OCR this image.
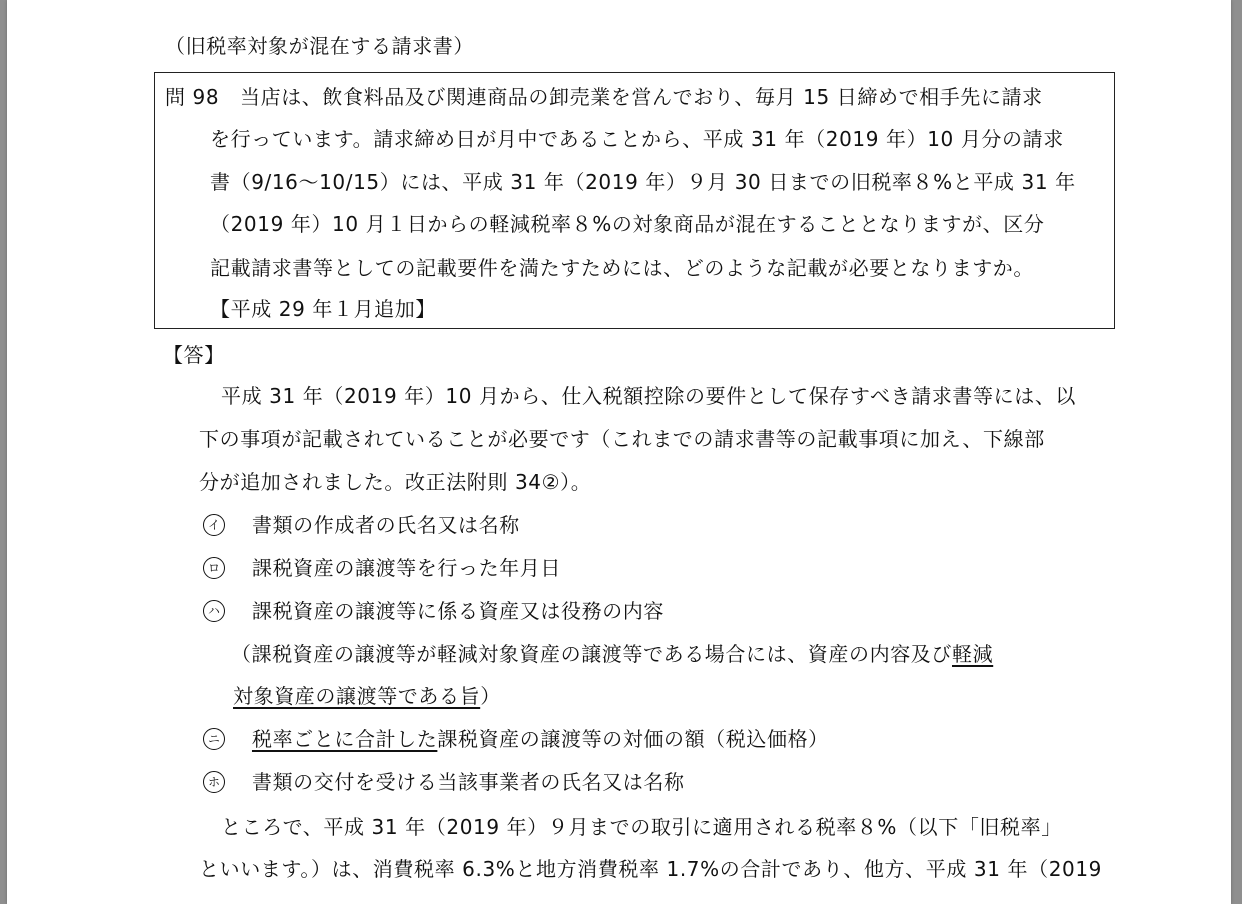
（旧税率対象が混在する請求書）
問 98 当店は、飲食料品及び関連商品の卸売業を営んでおり、毎月 15 日締めで相手先に請求
を行っています。請求締め日が月中であることから、平成 31 年（2019 年）10 月分の請求
書（9/16～10/15）には、平成 31 年（2019 年）９月 30 日までの旧税率８%と平成 31 年
（2019 年）10 月１日からの軽減税率８%の対象商品が混在することとなりますが、区分
記載請求書等としての記載要件を満たすためには、どのような記載が必要となりますか。
【平成 29 年１月追加】
【答】
平成 31 年（2019 年）10 月から、仕入税額控除の要件として保存すべき請求書等には、以
下の事項が記載されていることが必要です（これまでの請求書等の記載事項に加え、下線部
分が追加されました。改正法附則 34②）。
イ 書類の作成者の氏名又は名称
ロ 課税資産の譲渡等を行った年月日
ハ 課税資産の譲渡等に係る資産又は役務の内容
（課税資産の譲渡等が軽減対象資産の譲渡等である場合には、資産の内容及び軽減
対象資産の譲渡等である旨）
ニ 税率ごとに合計した課税資産の譲渡等の対価の額（税込価格）
ホ 書類の交付を受ける当該事業者の氏名又は名称
ところで、平成 31 年（2019 年）９月までの取引に適用される税率８%（以下「旧税率」
といいます。）は、消費税率 6.3%と地方消費税率 1.7%の合計であり、他方、平成 31 年（2019
